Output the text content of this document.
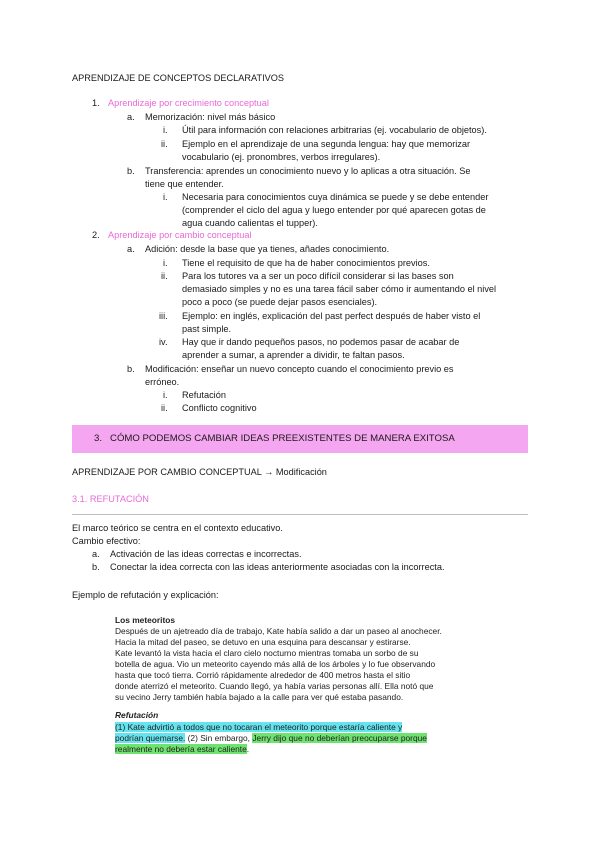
APRENDIZAJE DE CONCEPTOS DECLARATIVOS
1. Aprendizaje por crecimiento conceptual
a. Memorización: nivel más básico
i. Útil para información con relaciones arbitrarias (ej. vocabulario de objetos).
ii. Ejemplo en el aprendizaje de una segunda lengua: hay que memorizar
vocabulario (ej. pronombres, verbos irregulares).
b. Transferencia: aprendes un conocimiento nuevo y lo aplicas a otra situación. Se
tiene que entender.
i. Necesaria para conocimientos cuya dinámica se puede y se debe entender
(comprender el ciclo del agua y luego entender por qué aparecen gotas de
agua cuando calientas el tupper).
2. Aprendizaje por cambio conceptual
a. Adición: desde la base que ya tienes, añades conocimiento.
i. Tiene el requisito de que ha de haber conocimientos previos.
ii. Para los tutores va a ser un poco difícil considerar si las bases son
demasiado simples y no es una tarea fácil saber cómo ir aumentando el nivel
poco a poco (se puede dejar pasos esenciales).
iii. Ejemplo: en inglés, explicación del past perfect después de haber visto el
past simple.
iv. Hay que ir dando pequeños pasos, no podemos pasar de acabar de
aprender a sumar, a aprender a dividir, te faltan pasos.
b. Modificación: enseñar un nuevo concepto cuando el conocimiento previo es
erróneo.
i. Refutación
ii. Conflicto cognitivo
3. CÓMO PODEMOS CAMBIAR IDEAS PREEXISTENTES DE MANERA EXITOSA
APRENDIZAJE POR CAMBIO CONCEPTUAL → Modificación
3.1. REFUTACIÓN
El marco teórico se centra en el contexto educativo.
Cambio efectivo:
a. Activación de las ideas correctas e incorrectas.
b. Conectar la idea correcta con las ideas anteriormente asociadas con la incorrecta.
Ejemplo de refutación y explicación:
Los meteoritos
Después de un ajetreado día de trabajo, Kate había salido a dar un paseo al anochecer.
Hacia la mitad del paseo, se detuvo en una esquina para descansar y estirarse.
Kate levantó la vista hacia el claro cielo nocturno mientras tomaba un sorbo de su
botella de agua. Vio un meteorito cayendo más allá de los árboles y lo fue observando
hasta que tocó tierra. Corrió rápidamente alrededor de 400 metros hasta el sitio
donde aterrizó el meteorito. Cuando llegó, ya había varias personas allí. Ella notó que
su vecino Jerry también había bajado a la calle para ver qué estaba pasando.
Refutación
(1) Kate advirtió a todos que no tocaran el meteorito porque estaría caliente y
podrían quemarse. (2) Sin embargo, Jerry dijo que no deberían preocuparse porque
realmente no debería estar caliente.
